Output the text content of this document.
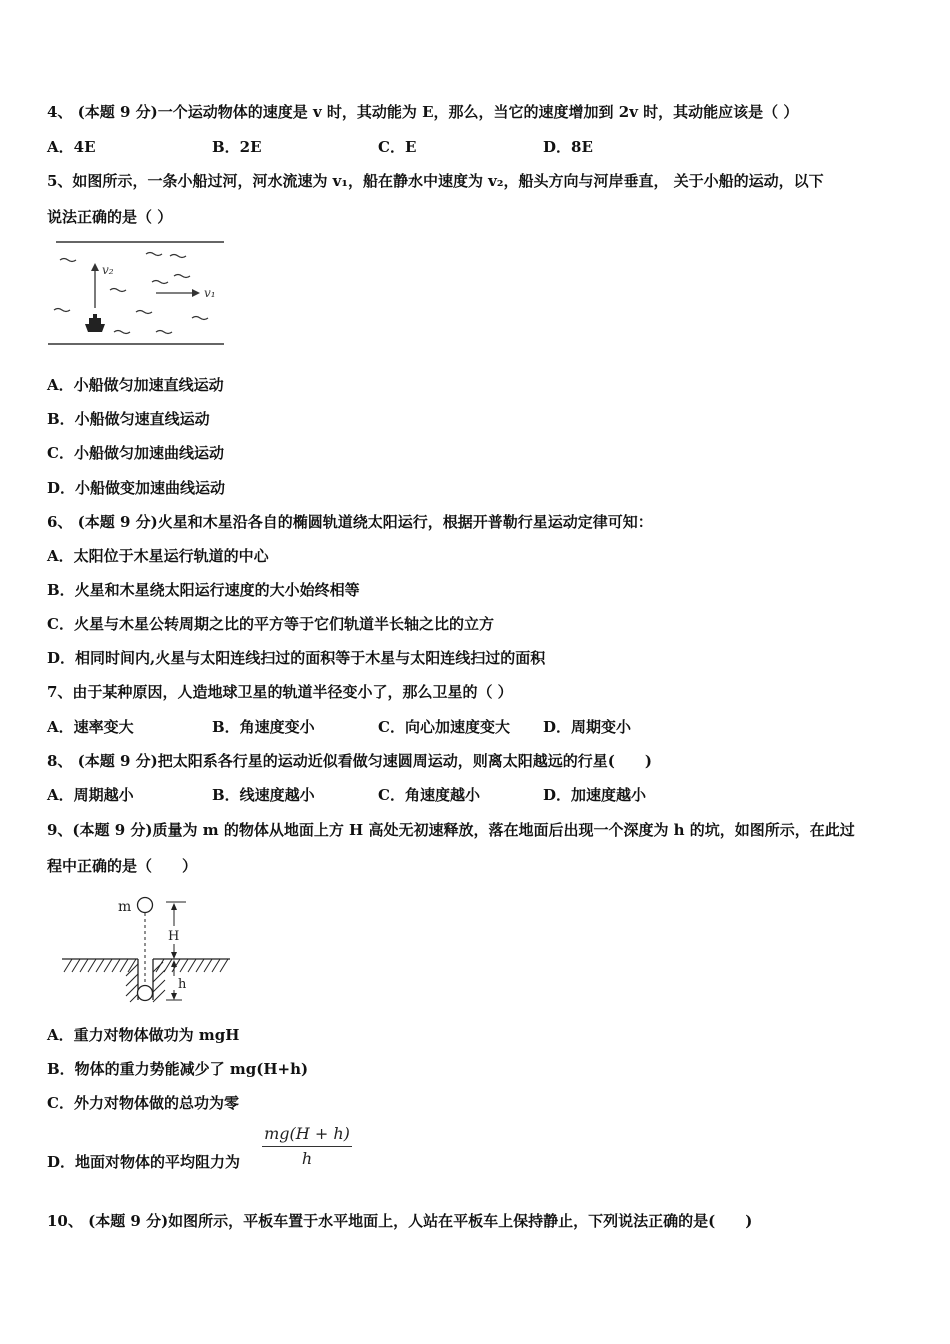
4、 (本题 9 分)一个运动物体的速度是 v 时，其动能为 E，那么，当它的速度增加到 2v 时，其动能应该是（ ）
A．4E	B．2E	C．E	D．8E
5、如图所示，一条小船过河，河水流速为 v₁，船在静水中速度为 v₂，船头方向与河岸垂直， 关于小船的运动，以下
说法正确的是（ ）
v₂
v₁
A．小船做匀加速直线运动
B．小船做匀速直线运动
C．小船做匀加速曲线运动
D．小船做变加速曲线运动
6、 (本题 9 分)火星和木星沿各自的椭圆轨道绕太阳运行，根据开普勒行星运动定律可知：
A．太阳位于木星运行轨道的中心
B．火星和木星绕太阳运行速度的大小始终相等
C．火星与木星公转周期之比的平方等于它们轨道半长轴之比的立方
D．相同时间内,火星与太阳连线扫过的面积等于木星与太阳连线扫过的面积
7、由于某种原因，人造地球卫星的轨道半径变小了，那么卫星的（ ）
A．速率变大	B．角速度变小	C．向心加速度变大 D．周期变小
8、 (本题 9 分)把太阳系各行星的运动近似看做匀速圆周运动，则离太阳越远的行星(　　)
A．周期越小	B．线速度越小	C．角速度越小	D．加速度越小
9、(本题 9 分)质量为 m 的物体从地面上方 H 高处无初速释放，落在地面后出现一个深度为 h 的坑，如图所示，在此过
程中正确的是（　　）
m
H
h
A．重力对物体做功为 mgH
B．物体的重力势能减少了 mg(H+h)
C．外力对物体做的总功为零
D．地面对物体的平均阻力为 $\frac{mg(H + h)}{h}$
10、 (本题 9 分)如图所示，平板车置于水平地面上，人站在平板车上保持静止，下列说法正确的是(　　)
